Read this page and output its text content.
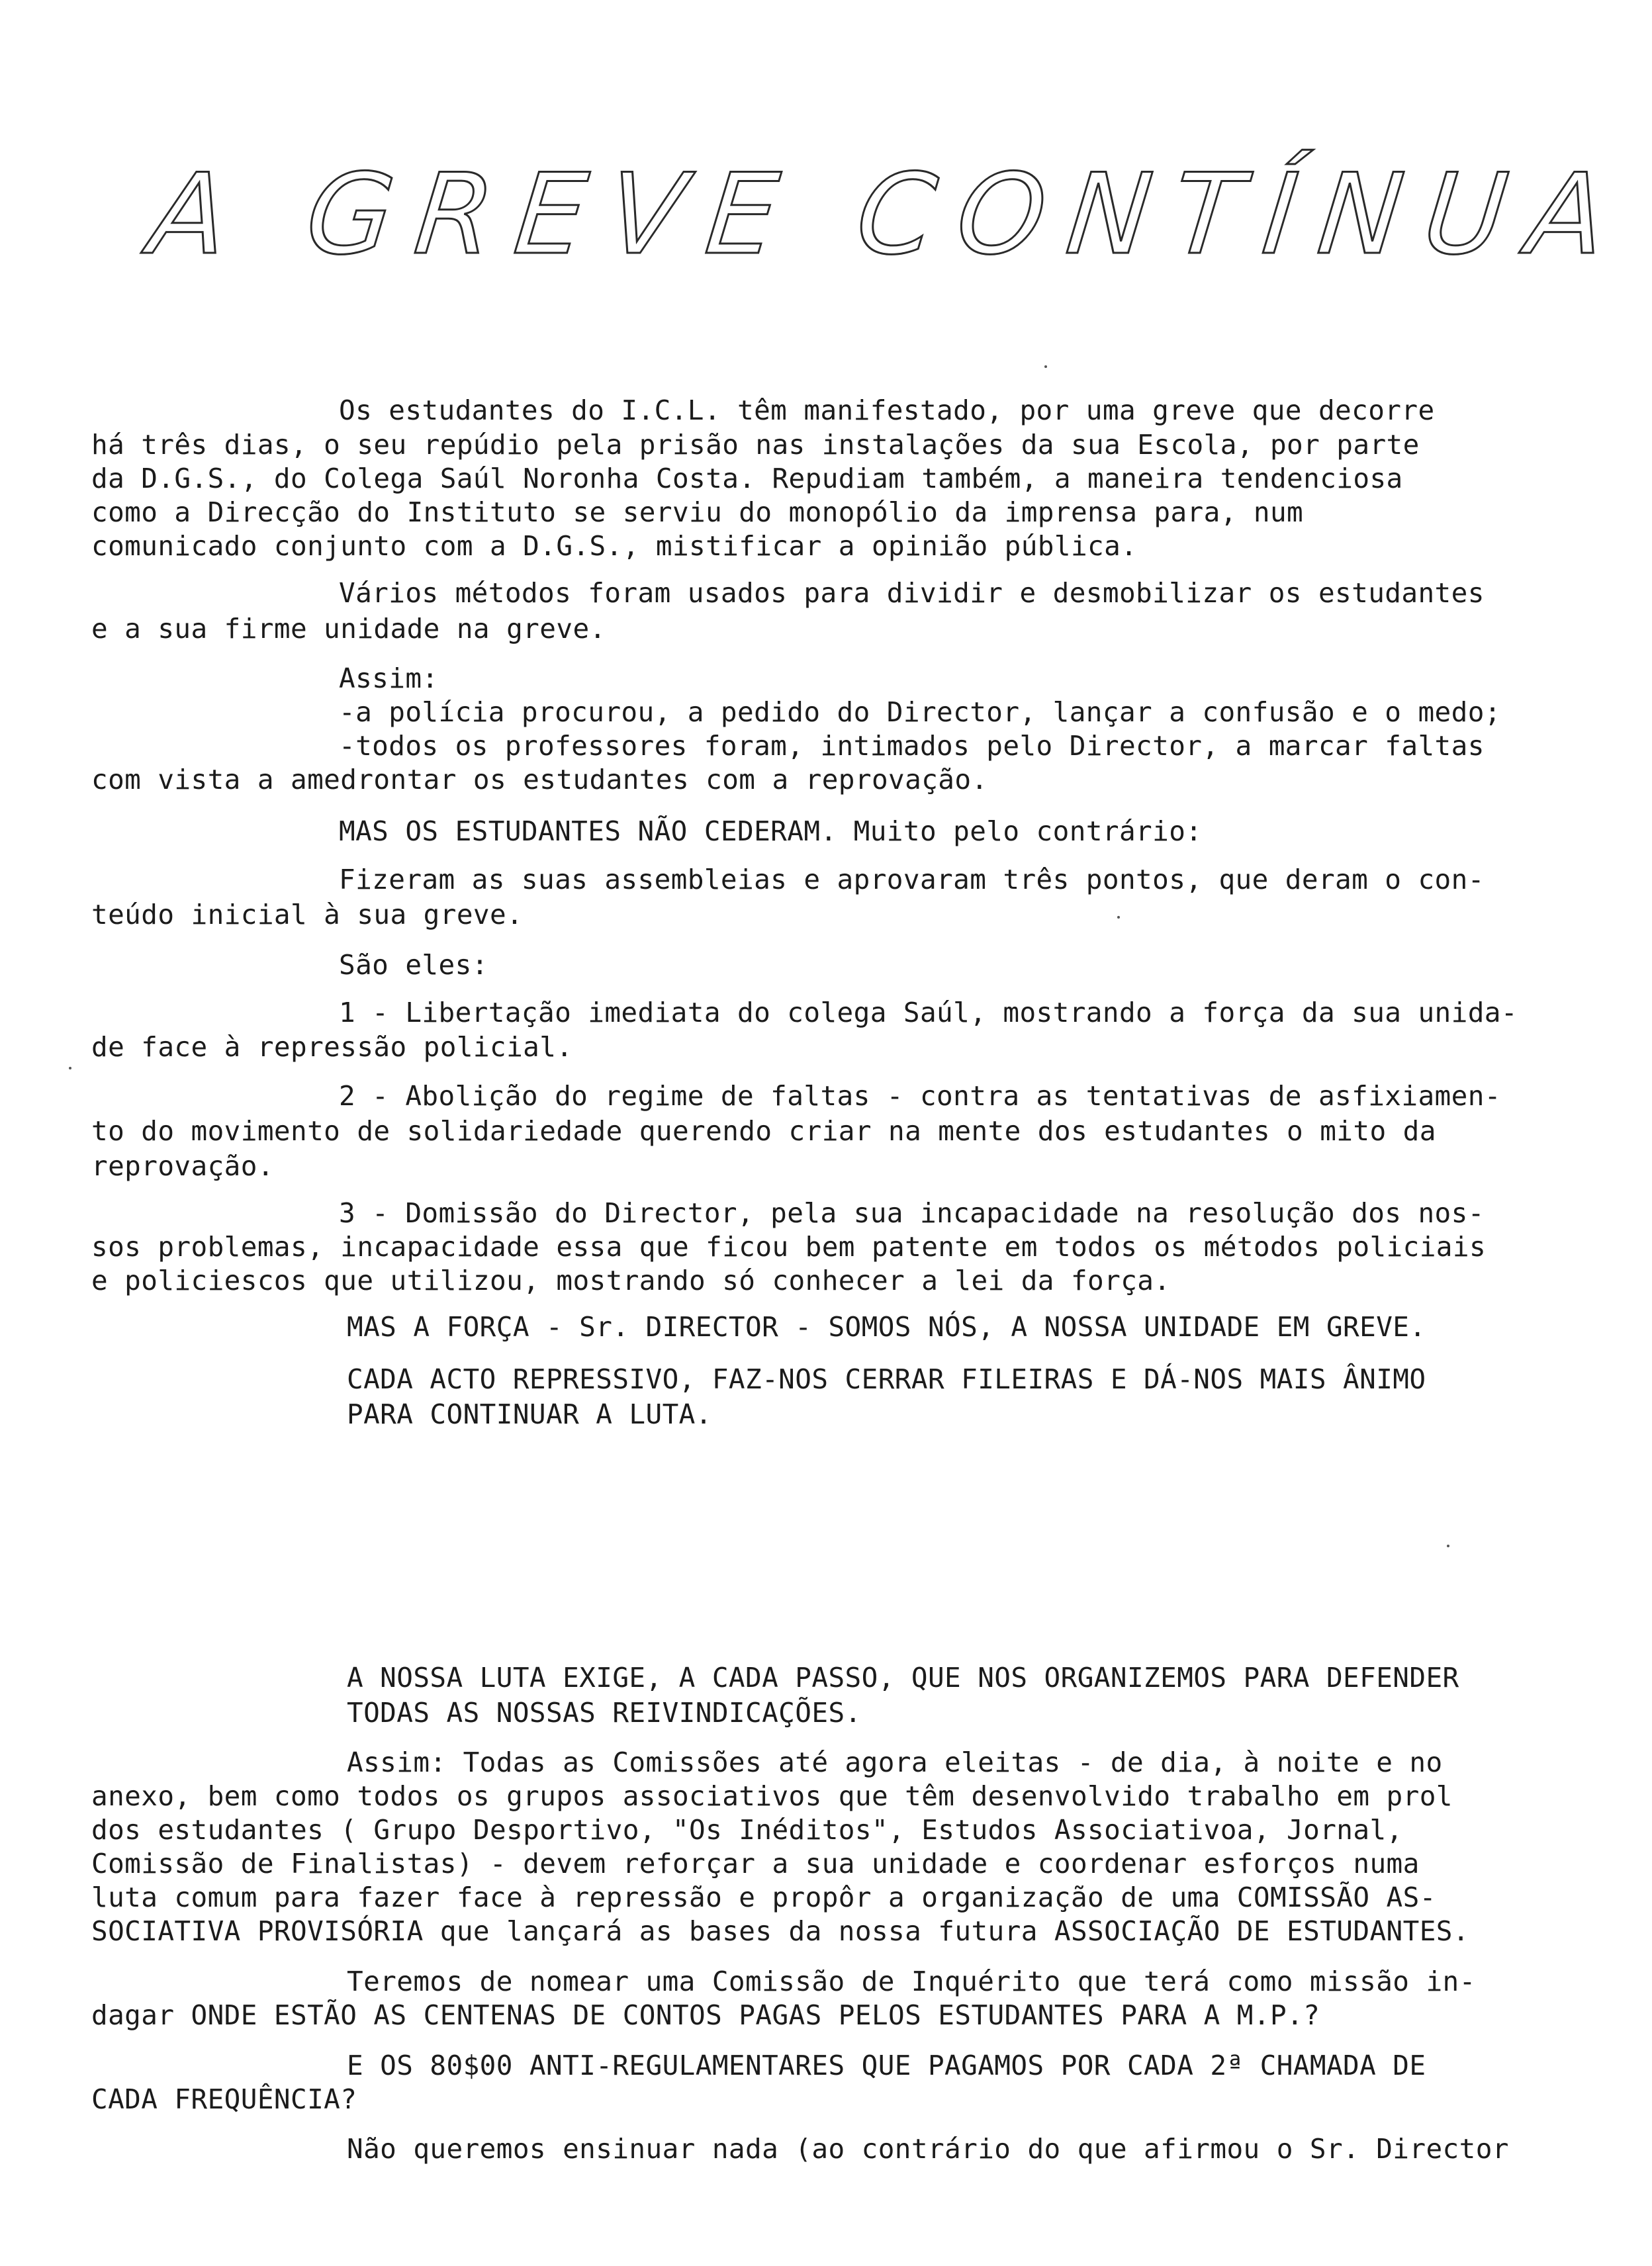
A GREVE CONTÍNUA
Os estudantes do I.C.L. têm manifestado, por uma greve que decorre
há três dias, o seu repúdio pela prisão nas instalações da sua Escola, por parte
da D.G.S., do Colega Saúl Noronha Costa. Repudiam também, a maneira tendenciosa
como a Direcção do Instituto se serviu do monopólio da imprensa para, num
comunicado conjunto com a D.G.S., mistificar a opinião pública.
Vários métodos foram usados para dividir e desmobilizar os estudantes
e a sua firme unidade na greve.
Assim:
-a polícia procurou, a pedido do Director, lançar a confusão e o medo;
-todos os professores foram, intimados pelo Director, a marcar faltas
com vista a amedrontar os estudantes com a reprovação.
MAS OS ESTUDANTES NÃO CEDERAM. Muito pelo contrário:
Fizeram as suas assembleias e aprovaram três pontos, que deram o con-
teúdo inicial à sua greve.
São eles:
1 - Libertação imediata do colega Saúl, mostrando a força da sua unida-
de face à repressão policial.
2 - Abolição do regime de faltas - contra as tentativas de asfixiamen-
to do movimento de solidariedade querendo criar na mente dos estudantes o mito da
reprovação.
3 - Domissão do Director, pela sua incapacidade na resolução dos nos-
sos problemas, incapacidade essa que ficou bem patente em todos os métodos policiais
e policiescos que utilizou, mostrando só conhecer a lei da força.
MAS A FORÇA - Sr. DIRECTOR - SOMOS NÓS, A NOSSA UNIDADE EM GREVE.
CADA ACTO REPRESSIVO, FAZ-NOS CERRAR FILEIRAS E DÁ-NOS MAIS ÂNIMO
PARA CONTINUAR A LUTA.
A NOSSA LUTA EXIGE, A CADA PASSO, QUE NOS ORGANIZEMOS PARA DEFENDER
TODAS AS NOSSAS REIVINDICAÇÕES.
Assim: Todas as Comissões até agora eleitas - de dia, à noite e no
anexo, bem como todos os grupos associativos que têm desenvolvido trabalho em prol
dos estudantes ( Grupo Desportivo, "Os Inéditos", Estudos Associativoa, Jornal,
Comissão de Finalistas) - devem reforçar a sua unidade e coordenar esforços numa
luta comum para fazer face à repressão e propôr a organização de uma COMISSÃO AS-
SOCIATIVA PROVISÓRIA que lançará as bases da nossa futura ASSOCIAÇÃO DE ESTUDANTES.
Teremos de nomear uma Comissão de Inquérito que terá como missão in-
dagar ONDE ESTÃO AS CENTENAS DE CONTOS PAGAS PELOS ESTUDANTES PARA A M.P.?
E OS 80$00 ANTI-REGULAMENTARES QUE PAGAMOS POR CADA 2ª CHAMADA DE
CADA FREQUÊNCIA?
Não queremos ensinuar nada (ao contrário do que afirmou o Sr. Director
